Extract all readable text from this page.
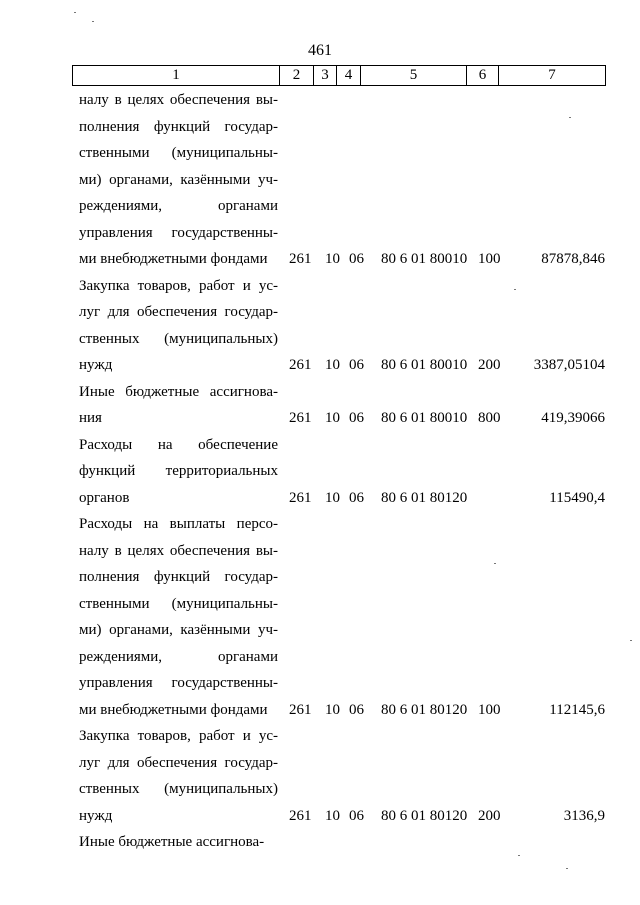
461
1	2	3	4	5	6	7
налу в целях обеспечения вы-
полнения функций государ-
ственными (муниципальны-
ми) органами, казёнными уч-
реждениями, органами
управления государственны-
ми внебюджетными фондами	261 10 06 80 6 01 80010 100	87878,846
Закупка товаров, работ и ус-
луг для обеспечения государ-
ственных (муниципальных)
нужд	261 10 06 80 6 01 80010 200 3387,05104
Иные бюджетные ассигнова-
ния	261 10 06 80 6 01 80010 800	419,39066
Расходы на обеспечение
функций территориальных
органов	261 10 06 80 6 01 80120	115490,4
Расходы на выплаты персо-
налу в целях обеспечения вы-
полнения функций государ-
ственными (муниципальны-
ми) органами, казёнными уч-
реждениями, органами
управления государственны-
ми внебюджетными фондами	261 10 06 80 6 01 80120 100	112145,6
Закупка товаров, работ и ус-
луг для обеспечения государ-
ственных (муниципальных)
нужд	261 10 06 80 6 01 80120 200	3136,9
Иные бюджетные ассигнова-
